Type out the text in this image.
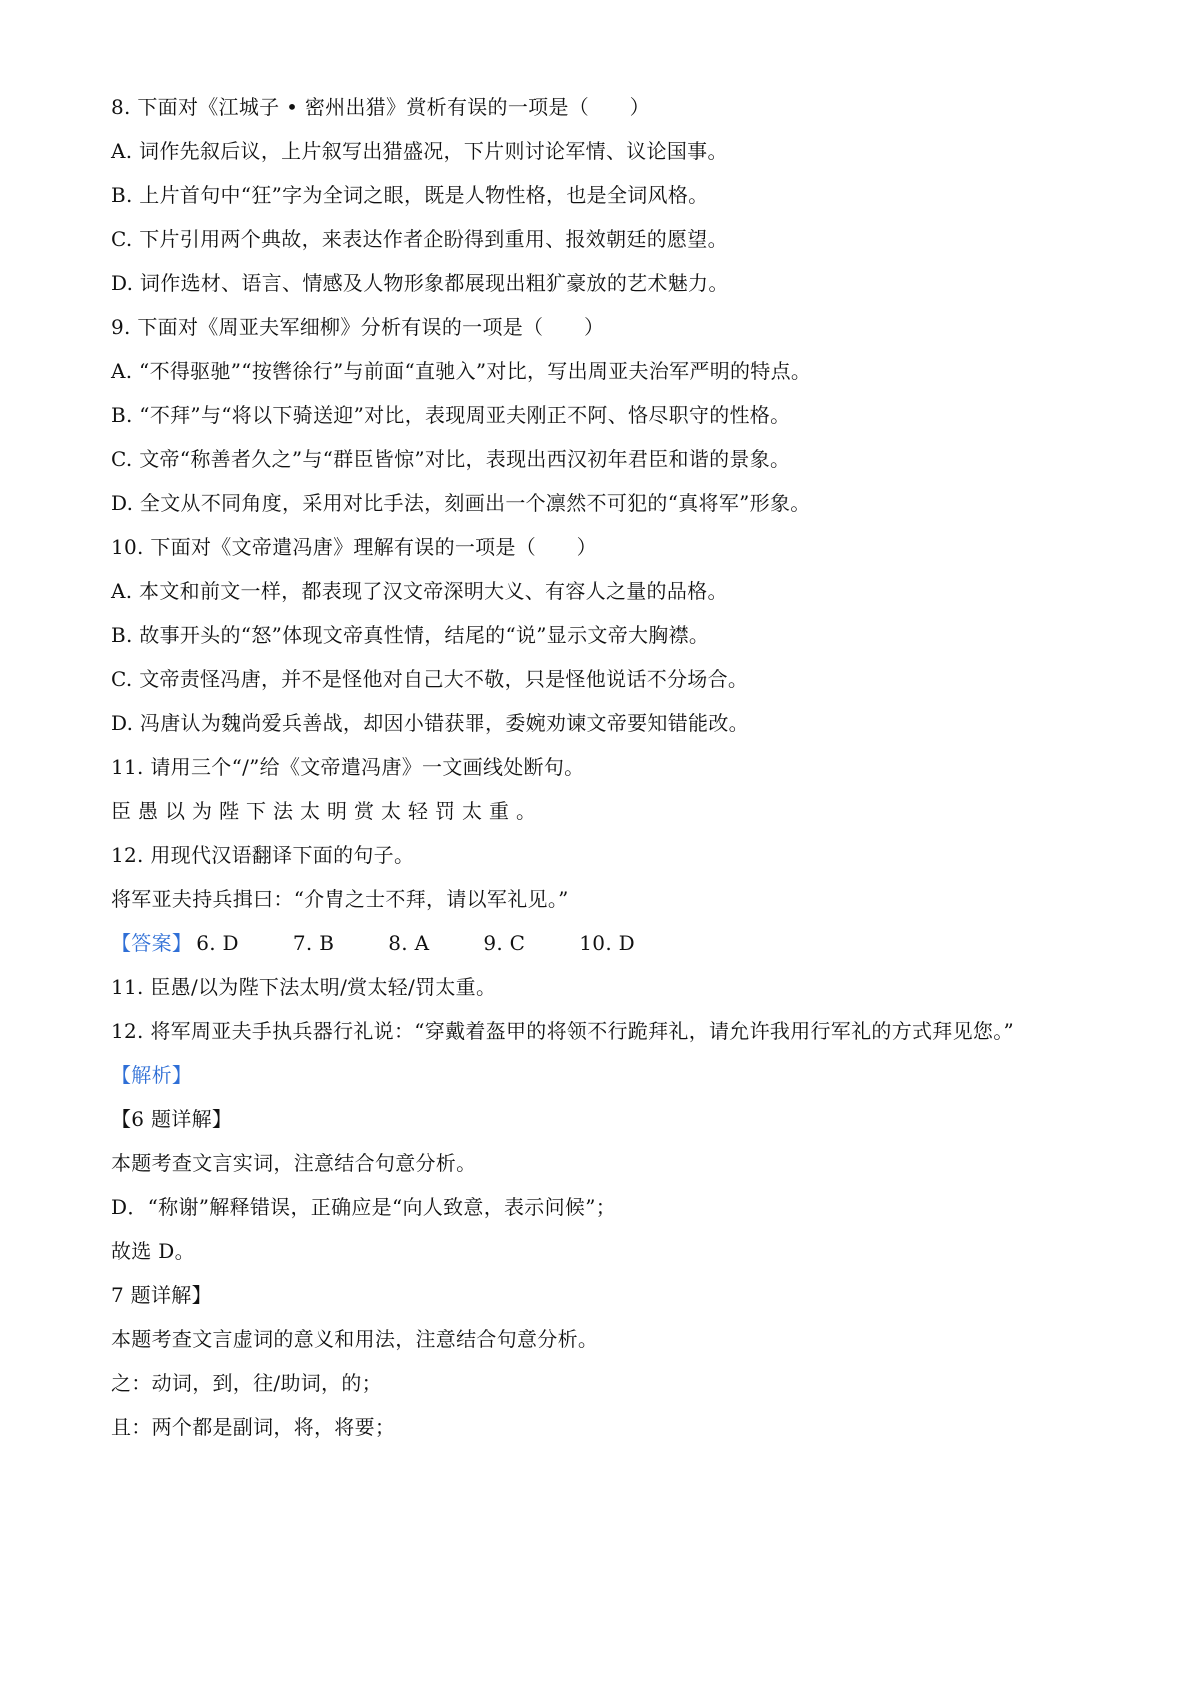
8. 下面对《江城子 • 密州出猎》赏析有误的一项是（　　）
A. 词作先叙后议，上片叙写出猎盛况，下片则讨论军情、议论国事。
B. 上片首句中“狂”字为全词之眼，既是人物性格，也是全词风格。
C. 下片引用两个典故，来表达作者企盼得到重用、报效朝廷的愿望。
D. 词作选材、语言、情感及人物形象都展现出粗犷豪放的艺术魅力。
9. 下面对《周亚夫军细柳》分析有误的一项是（　　）
A. “不得驱驰”“按辔徐行”与前面“直驰入”对比，写出周亚夫治军严明的特点。
B. “不拜”与“将以下骑送迎”对比，表现周亚夫刚正不阿、恪尽职守的性格。
C. 文帝“称善者久之”与“群臣皆惊”对比，表现出西汉初年君臣和谐的景象。
D. 全文从不同角度，采用对比手法，刻画出一个凛然不可犯的“真将军”形象。
10. 下面对《文帝遣冯唐》理解有误的一项是（　　）
A. 本文和前文一样，都表现了汉文帝深明大义、有容人之量的品格。
B. 故事开头的“怒”体现文帝真性情，结尾的“说”显示文帝大胸襟。
C. 文帝责怪冯唐，并不是怪他对自己大不敬，只是怪他说话不分场合。
D. 冯唐认为魏尚爱兵善战，却因小错获罪，委婉劝谏文帝要知错能改。
11. 请用三个“/”给《文帝遣冯唐》一文画线处断句。
臣愚以为陛下法太明赏太轻罚太重。
12. 用现代汉语翻译下面的句子。
将军亚夫持兵揖曰：“介胄之士不拜，请以军礼见。”
【答案】 6. D	7. B	8. A	9. C	10. D
11. 臣愚/以为陛下法太明/赏太轻/罚太重。
12. 将军周亚夫手执兵器行礼说：“穿戴着盔甲的将领不行跪拜礼，请允许我用行军礼的方式拜见您。”
【解析】
【6 题详解】
本题考查文言实词，注意结合句意分析。
D．“称谢”解释错误，正确应是“向人致意，表示问候”；
故选 D。
7 题详解】
本题考查文言虚词的意义和用法，注意结合句意分析。
之：动词，到，往/助词，的；
且：两个都是副词，将，将要；
